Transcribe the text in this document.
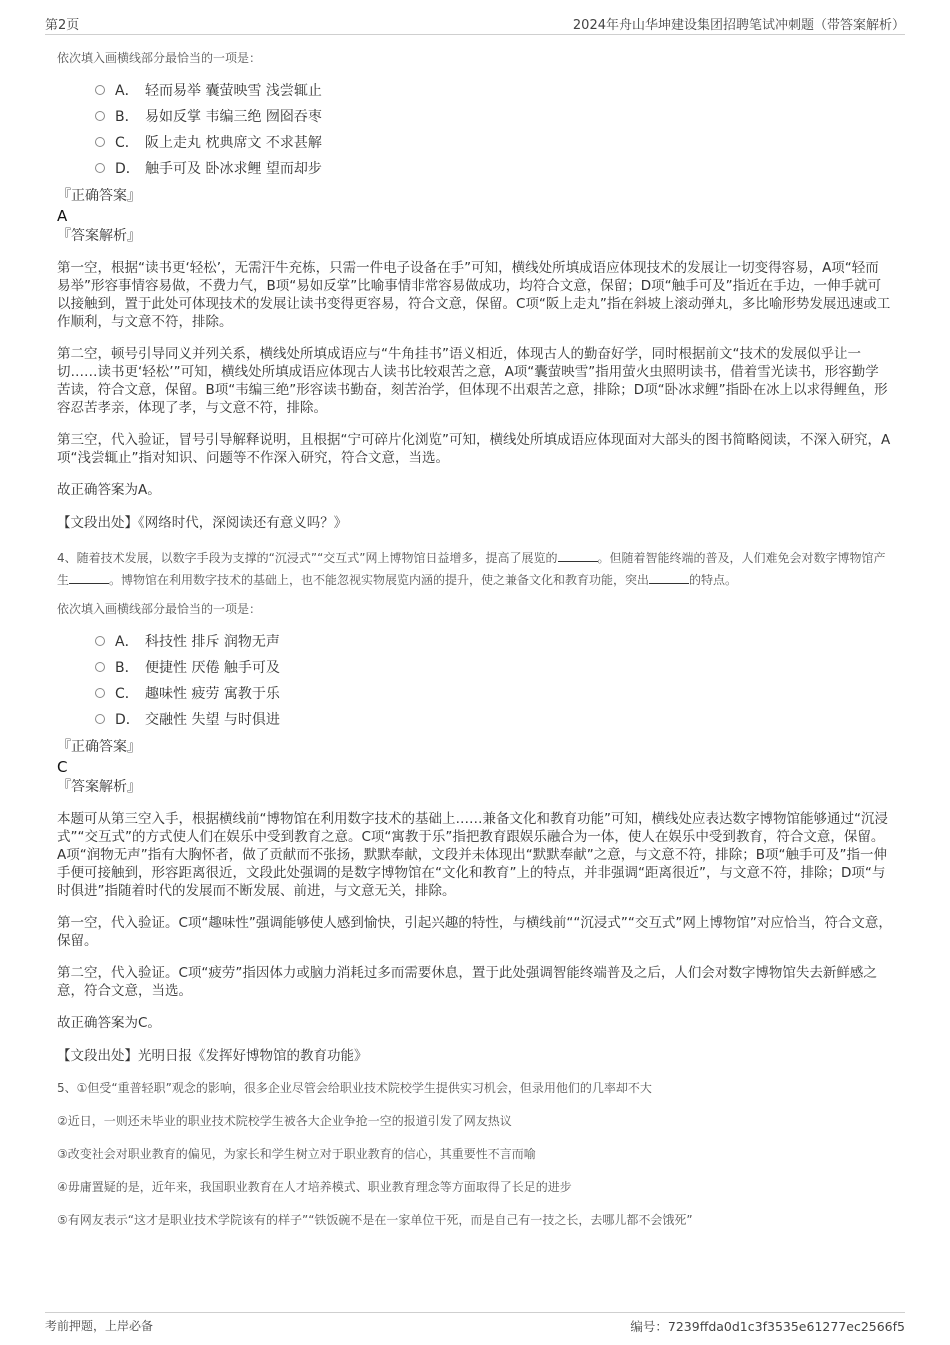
第2页	2024年舟山华坤建设集团招聘笔试冲刺题（带答案解析）

依次填入画横线部分最恰当的一项是：

A． 轻而易举 囊萤映雪 浅尝辄止
B． 易如反掌 韦编三绝 囫囵吞枣
C． 阪上走丸 枕典席文 不求甚解
D． 触手可及 卧冰求鲤 望而却步

『正确答案』

A

『答案解析』

第一空，根据“读书更‘轻松’，无需汗牛充栋，只需一件电子设备在手”可知，横线处所填成语应体现技术的发展让一切变得容易，A项“轻而易举”形容事情容易做，不费力气，B项“易如反掌”比喻事情非常容易做成功，均符合文意，保留；D项“触手可及”指近在手边，一伸手就可以接触到，置于此处可体现技术的发展让读书变得更容易，符合文意，保留。C项“阪上走丸”指在斜坡上滚动弹丸，多比喻形势发展迅速或工作顺利，与文意不符，排除。

第二空，顿号引导同义并列关系，横线处所填成语应与“牛角挂书”语义相近，体现古人的勤奋好学，同时根据前文“技术的发展似乎让一切……读书更‘轻松’”可知，横线处所填成语应体现古人读书比较艰苦之意，A项“囊萤映雪”指用萤火虫照明读书，借着雪光读书，形容勤学苦读，符合文意，保留。B项“韦编三绝”形容读书勤奋，刻苦治学，但体现不出艰苦之意，排除；D项“卧冰求鲤”指卧在冰上以求得鲤鱼，形容忍苦孝亲，体现了孝，与文意不符，排除。

第三空，代入验证，冒号引导解释说明，且根据“宁可碎片化浏览”可知，横线处所填成语应体现面对大部头的图书简略阅读，不深入研究，A项“浅尝辄止”指对知识、问题等不作深入研究，符合文意，当选。

故正确答案为A。

【文段出处】《网络时代，深阅读还有意义吗？》

4、随着技术发展，以数字手段为支撑的“沉浸式”“交互式”网上博物馆日益增多，提高了展览的	。但随着智能终端的普及，人们难免会对数字博物馆产生	。博物馆在利用数字技术的基础上，也不能忽视实物展览内涵的提升，使之兼备文化和教育功能，突出	的特点。

依次填入画横线部分最恰当的一项是：

A． 科技性 排斥 润物无声
B． 便捷性 厌倦 触手可及
C． 趣味性 疲劳 寓教于乐
D． 交融性 失望 与时俱进

『正确答案』

C

『答案解析』

本题可从第三空入手，根据横线前“博物馆在利用数字技术的基础上……兼备文化和教育功能”可知，横线处应表达数字博物馆能够通过“沉浸式”“交互式”的方式使人们在娱乐中受到教育之意。C项“寓教于乐”指把教育跟娱乐融合为一体，使人在娱乐中受到教育，符合文意，保留。A项“润物无声”指有大胸怀者，做了贡献而不张扬，默默奉献，文段并未体现出“默默奉献”之意，与文意不符，排除；B项“触手可及”指一伸手便可接触到，形容距离很近，文段此处强调的是数字博物馆在“文化和教育”上的特点，并非强调“距离很近”，与文意不符，排除；D项“与时俱进”指随着时代的发展而不断发展、前进，与文意无关，排除。

第一空，代入验证。C项“趣味性”强调能够使人感到愉快，引起兴趣的特性，与横线前““沉浸式”“交互式”网上博物馆”对应恰当，符合文意，保留。

第二空，代入验证。C项“疲劳”指因体力或脑力消耗过多而需要休息，置于此处强调智能终端普及之后，人们会对数字博物馆失去新鲜感之意，符合文意，当选。

故正确答案为C。

【文段出处】光明日报《发挥好博物馆的教育功能》

5、①但受“重普轻职”观念的影响，很多企业尽管会给职业技术院校学生提供实习机会，但录用他们的几率却不大

②近日，一则还未毕业的职业技术院校学生被各大企业争抢一空的报道引发了网友热议

③改变社会对职业教育的偏见，为家长和学生树立对于职业教育的信心，其重要性不言而喻

④毋庸置疑的是，近年来，我国职业教育在人才培养模式、职业教育理念等方面取得了长足的进步

⑤有网友表示“这才是职业技术学院该有的样子”“铁饭碗不是在一家单位干死，而是自己有一技之长，去哪儿都不会饿死”

考前押题，上岸必备	编号：7239ffda0d1c3f3535e61277ec2566f5
